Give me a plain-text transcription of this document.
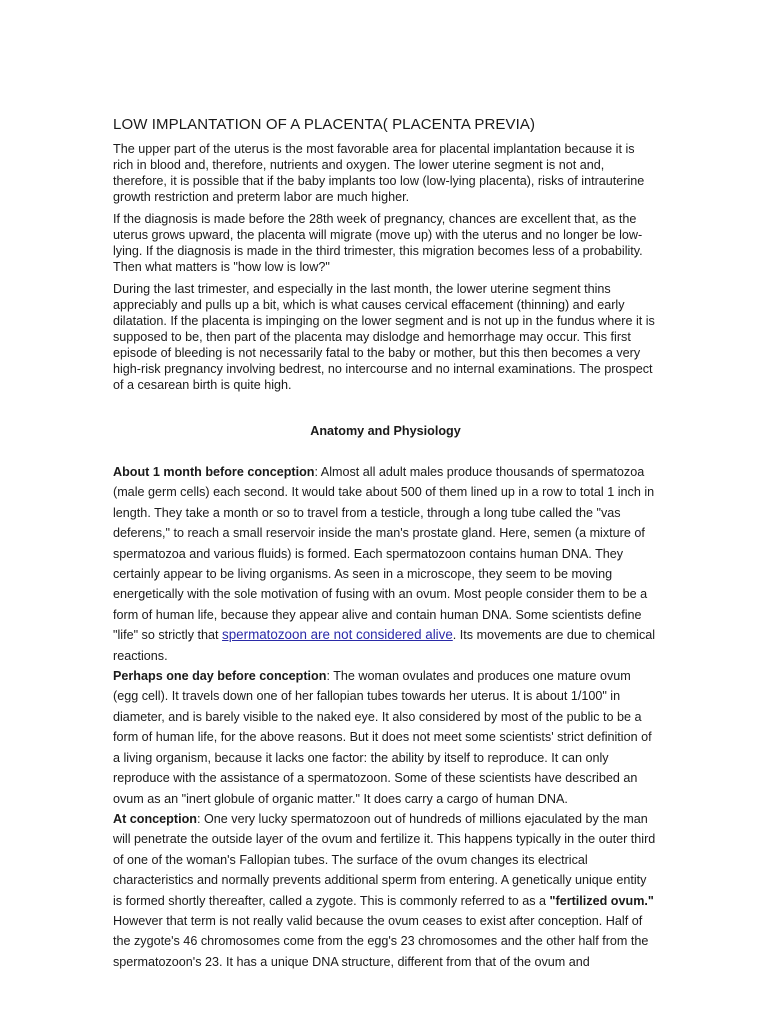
LOW IMPLANTATION OF A PLACENTA( PLACENTA PREVIA)

The upper part of the uterus is the most favorable area for placental implantation because it is rich in blood and, therefore, nutrients and oxygen. The lower uterine segment is not and, therefore, it is possible that if the baby implants too low (low-lying placenta), risks of intrauterine growth restriction and preterm labor are much higher.

If the diagnosis is made before the 28th week of pregnancy, chances are excellent that, as the uterus grows upward, the placenta will migrate (move up) with the uterus and no longer be low-lying. If the diagnosis is made in the third trimester, this migration becomes less of a probability. Then what matters is "how low is low?"

During the last trimester, and especially in the last month, the lower uterine segment thins appreciably and pulls up a bit, which is what causes cervical effacement (thinning) and early dilatation. If the placenta is impinging on the lower segment and is not up in the fundus where it is supposed to be, then part of the placenta may dislodge and hemorrhage may occur. This first episode of bleeding is not necessarily fatal to the baby or mother, but this then becomes a very high-risk pregnancy involving bedrest, no intercourse and no internal examinations. The prospect of a cesarean birth is quite high.

Anatomy and Physiology

About 1 month before conception: Almost all adult males produce thousands of spermatozoa (male germ cells) each second. It would take about 500 of them lined up in a row to total 1 inch in length. They take a month or so to travel from a testicle, through a long tube called the "vas deferens," to reach a small reservoir inside the man's prostate gland. Here, semen (a mixture of spermatozoa and various fluids) is formed. Each spermatozoon contains human DNA. They certainly appear to be living organisms. As seen in a microscope, they seem to be moving energetically with the sole motivation of fusing with an ovum. Most people consider them to be a form of human life, because they appear alive and contain human DNA. Some scientists define "life" so strictly that spermatozoon are not considered alive. Its movements are due to chemical reactions.

Perhaps one day before conception: The woman ovulates and produces one mature ovum (egg cell). It travels down one of her fallopian tubes towards her uterus. It is about 1/100" in diameter, and is barely visible to the naked eye. It also considered by most of the public to be a form of human life, for the above reasons. But it does not meet some scientists' strict definition of a living organism, because it lacks one factor: the ability by itself to reproduce. It can only reproduce with the assistance of a spermatozoon. Some of these scientists have described an ovum as an "inert globule of organic matter." It does carry a cargo of human DNA.

At conception: One very lucky spermatozoon out of hundreds of millions ejaculated by the man will penetrate the outside layer of the ovum and fertilize it. This happens typically in the outer third of one of the woman's Fallopian tubes. The surface of the ovum changes its electrical characteristics and normally prevents additional sperm from entering. A genetically unique entity is formed shortly thereafter, called a zygote. This is commonly referred to as a "fertilized ovum." However that term is not really valid because the ovum ceases to exist after conception. Half of the zygote's 46 chromosomes come from the egg's 23 chromosomes and the other half from the spermatozoon's 23. It has a unique DNA structure, different from that of the ovum and
